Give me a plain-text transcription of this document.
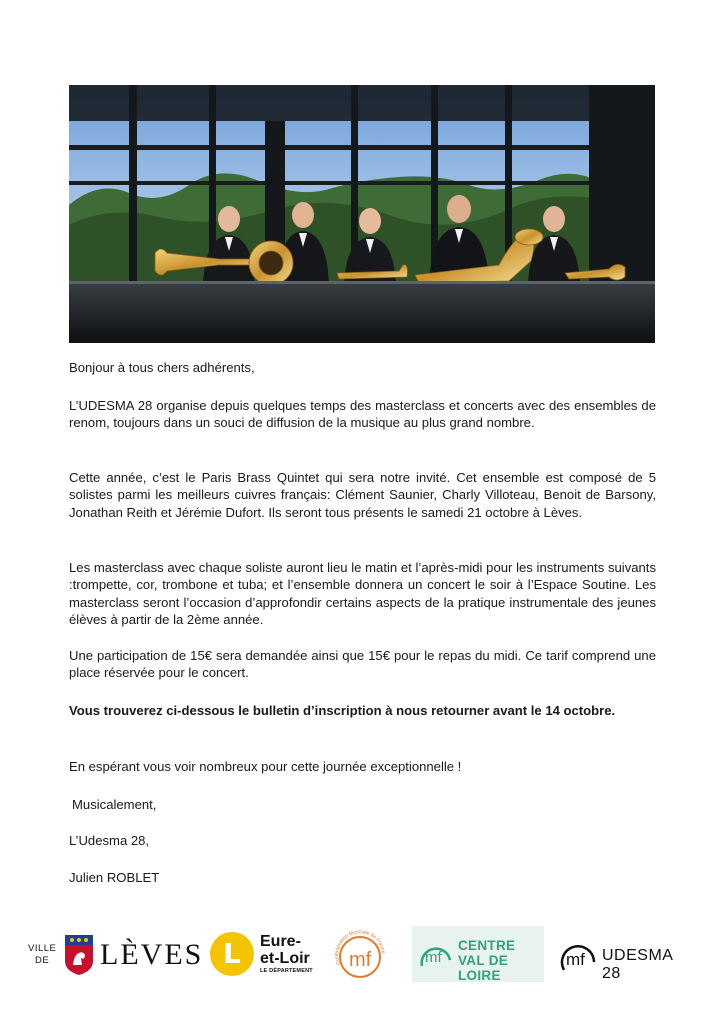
Bonjour à tous chers adhérents,

L’UDESMA 28 organise depuis quelques temps des masterclass et concerts avec des ensembles de renom, toujours dans un souci de diffusion de la musique au plus grand nombre.

Cette année, c’est le Paris Brass Quintet qui sera notre invité. Cet ensemble est composé de 5 solistes parmi les meilleurs cuivres français: Clément Saunier, Charly Villoteau, Benoit de Barsony, Jonathan Reith et Jérémie Dufort. Ils seront tous présents le samedi 21 octobre à Lèves.

Les masterclass avec chaque soliste auront lieu le matin et l’après-midi pour les instruments suivants :trompette, cor, trombone et tuba; et l’ensemble donnera un concert le soir à l’Espace Soutine. Les masterclass seront l’occasion d’approfondir certains aspects de la pratique instrumentale des jeunes élèves à partir de la 2ème année.

Une participation de 15€ sera demandée ainsi que 15€ pour le repas du midi. Ce tarif comprend une place réservée pour le concert.

Vous trouverez ci-dessous le bulletin d’inscription à nous retourner avant le 14 octobre.

En espérant vous voir nombreux pour cette journée exceptionnelle !

Musicalement,

L’Udesma 28,

Julien ROBLET

VILLE
DE LÈVES L Eure-
et-Loir
LE DÉPARTEMENT
Confédération Musicale de France
mf	mf
CENTRE
VAL DE LOIRE
mf UDESMA 28
